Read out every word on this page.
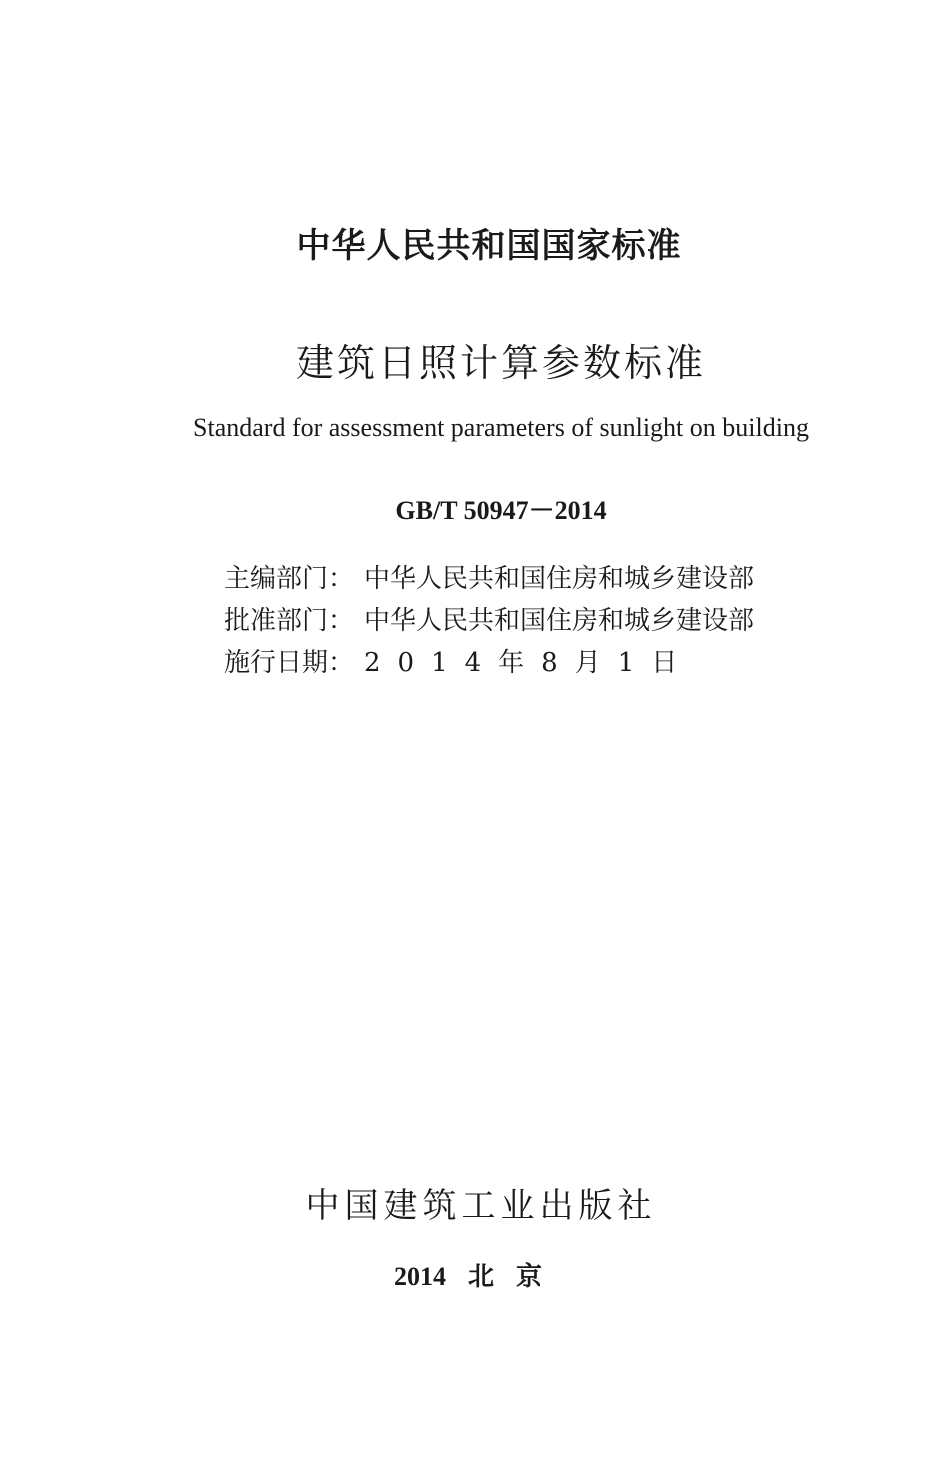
中华人民共和国国家标准
建筑日照计算参数标准
Standard for assessment parameters of sunlight on building
GB/T 50947－2014
主编部门： 中华人民共和国住房和城乡建设部
批准部门： 中华人民共和国住房和城乡建设部
施行日期： 2014年8月1日
中国建筑工业出版社
2014 北京
